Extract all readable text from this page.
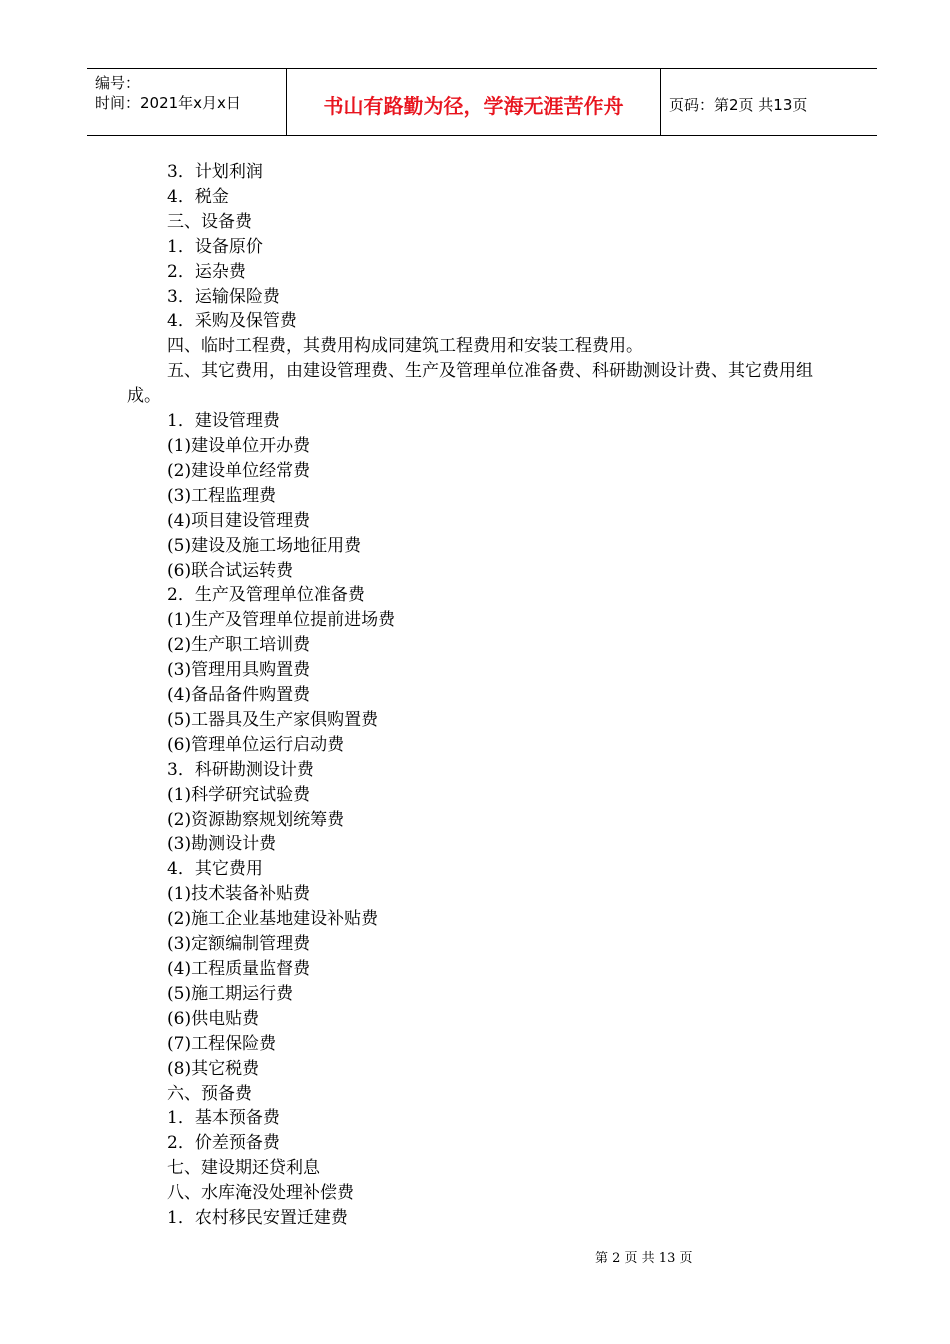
编号：
时间：2021年x月x日	书山有路勤为径，学海无涯苦作舟	页码：第2页 共13页
3．计划利润
4．税金
三、设备费
1．设备原价
2．运杂费
3．运输保险费
4．采购及保管费
四、临时工程费，其费用构成同建筑工程费用和安装工程费用。
五、其它费用，由建设管理费、生产及管理单位准备费、科研勘测设计费、其它费用组成。
1．建设管理费
(1)建设单位开办费
(2)建设单位经常费
(3)工程监理费
(4)项目建设管理费
(5)建设及施工场地征用费
(6)联合试运转费
2．生产及管理单位准备费
(1)生产及管理单位提前进场费
(2)生产职工培训费
(3)管理用具购置费
(4)备品备件购置费
(5)工器具及生产家俱购置费
(6)管理单位运行启动费
3．科研勘测设计费
(1)科学研究试验费
(2)资源勘察规划统筹费
(3)勘测设计费
4．其它费用
(1)技术装备补贴费
(2)施工企业基地建设补贴费
(3)定额编制管理费
(4)工程质量监督费
(5)施工期运行费
(6)供电贴费
(7)工程保险费
(8)其它税费
六、预备费
1．基本预备费
2．价差预备费
七、建设期还贷利息
八、水库淹没处理补偿费
1．农村移民安置迁建费
第 2 页 共 13 页
